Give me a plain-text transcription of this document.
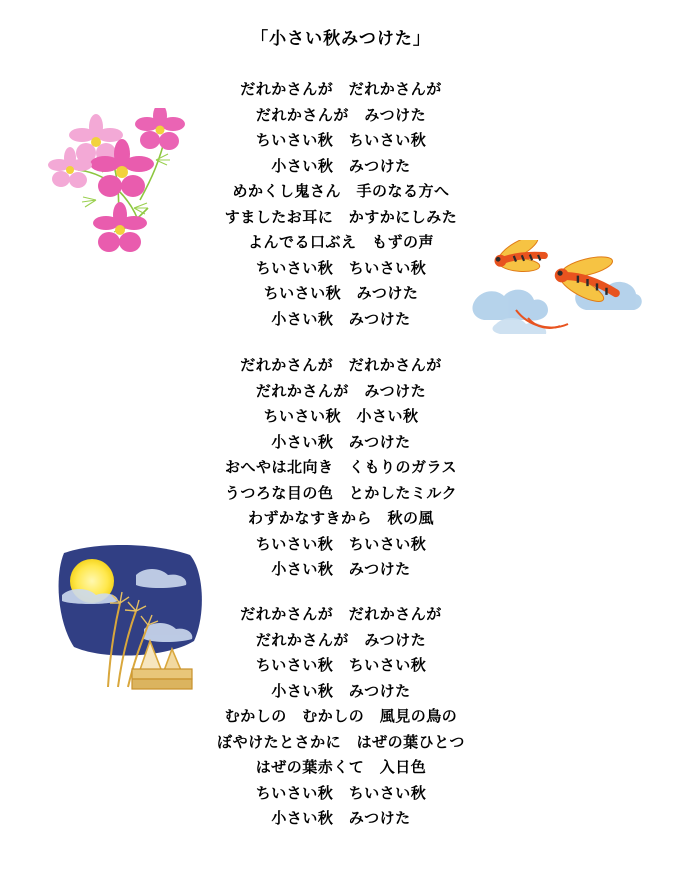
「小さい秋みつけた」
だれかさんが　だれかさんが
だれかさんが　みつけた
ちいさい秋　ちいさい秋
小さい秋　みつけた
めかくし鬼さん　手のなる方へ
すましたお耳に　かすかにしみた
よんでる口ぶえ　もずの声
ちいさい秋　ちいさい秋
ちいさい秋　みつけた
小さい秋　みつけた
だれかさんが　だれかさんが
だれかさんが　みつけた
ちいさい秋　小さい秋
小さい秋　みつけた
おへやは北向き　くもりのガラス
うつろな目の色　とかしたミルク
わずかなすきから　秋の風
ちいさい秋　ちいさい秋
小さい秋　みつけた
だれかさんが　だれかさんが
だれかさんが　みつけた
ちいさい秋　ちいさい秋
小さい秋　みつけた
むかしの　むかしの　風見の鳥の
ぼやけたとさかに　はぜの葉ひとつ
はぜの葉赤くて　入日色
ちいさい秋　ちいさい秋
小さい秋　みつけた
